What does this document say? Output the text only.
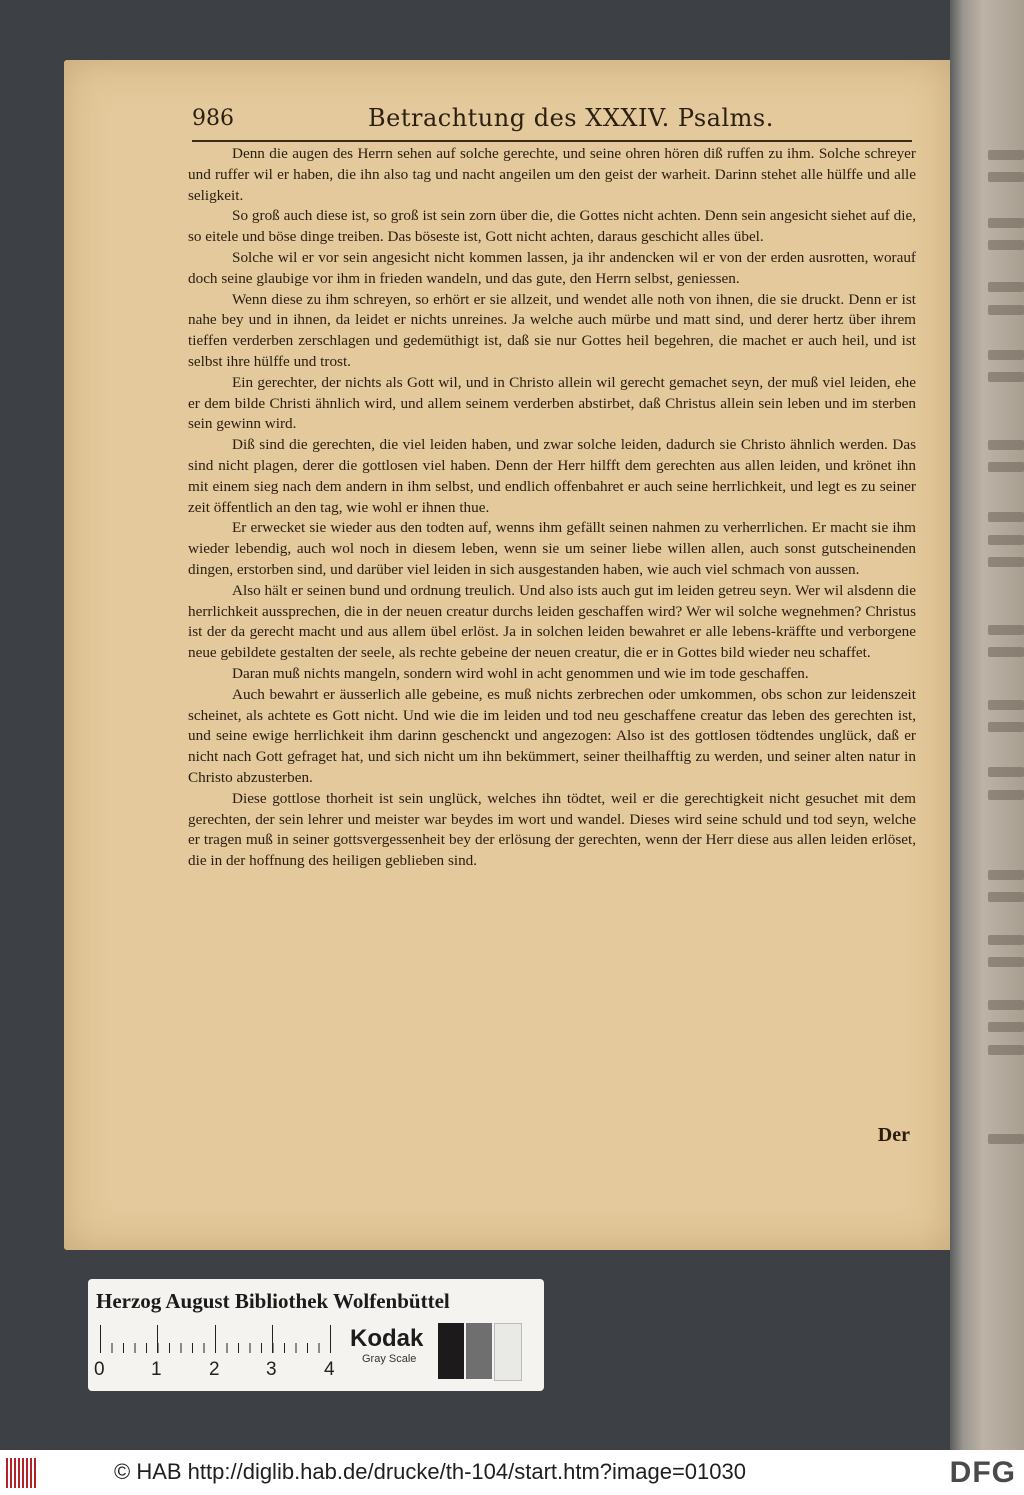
986	Betrachtung des XXXIV. Psalms.

Denn die augen des Herrn sehen auf solche gerechte, und seine ohren hören diß ruffen zu ihm. Solche schreyer und ruffer wil er haben, die ihn also tag und nacht angeilen um den geist der warheit. Darinn stehet alle hülffe und alle seligkeit.

So groß auch diese ist, so groß ist sein zorn über die, die Gottes nicht achten. Denn sein angesicht siehet auf die, so eitele und böse dinge treiben. Das böseste ist, Gott nicht achten, daraus geschicht alles übel.

Solche wil er vor sein angesicht nicht kommen lassen, ja ihr andencken wil er von der erden ausrotten, worauf doch seine glaubige vor ihm in frieden wandeln, und das gute, den Herrn selbst, geniessen.

Wenn diese zu ihm schreyen, so erhört er sie allzeit, und wendet alle noth von ihnen, die sie druckt. Denn er ist nahe bey und in ihnen, da leidet er nichts unreines. Ja welche auch mürbe und matt sind, und derer hertz über ihrem tieffen verderben zerschlagen und gedemüthigt ist, daß sie nur Gottes heil begehren, die machet er auch heil, und ist selbst ihre hülffe und trost.

Ein gerechter, der nichts als Gott wil, und in Christo allein wil gerecht gemachet seyn, der muß viel leiden, ehe er dem bilde Christi ähnlich wird, und allem seinem verderben abstirbet, daß Christus allein sein leben und im sterben sein gewinn wird.

Diß sind die gerechten, die viel leiden haben, und zwar solche leiden, dadurch sie Christo ähnlich werden. Das sind nicht plagen, derer die gottlosen viel haben. Denn der Herr hilfft dem gerechten aus allen leiden, und krönet ihn mit einem sieg nach dem andern in ihm selbst, und endlich offenbahret er auch seine herrlichkeit, und legt es zu seiner zeit öffentlich an den tag, wie wohl er ihnen thue.

Er erwecket sie wieder aus den todten auf, wenns ihm gefällt seinen nahmen zu verherrlichen. Er macht sie ihm wieder lebendig, auch wol noch in diesem leben, wenn sie um seiner liebe willen allen, auch sonst gutscheinenden dingen, erstorben sind, und darüber viel leiden in sich ausgestanden haben, wie auch viel schmach von aussen.

Also hält er seinen bund und ordnung treulich. Und also ists auch gut im leiden getreu seyn. Wer wil alsdenn die herrlichkeit aussprechen, die in der neuen creatur durchs leiden geschaffen wird? Wer wil solche wegnehmen? Christus ist der da gerecht macht und aus allem übel erlöst. Ja in solchen leiden bewahret er alle lebens-kräffte und verborgene neue gebildete gestalten der seele, als rechte gebeine der neuen creatur, die er in Gottes bild wieder neu schaffet.

Daran muß nichts mangeln, sondern wird wohl in acht genommen und wie im tode geschaffen.

Auch bewahrt er äusserlich alle gebeine, es muß nichts zerbrechen oder umkommen, obs schon zur leidenszeit scheinet, als achtete es Gott nicht. Und wie die im leiden und tod neu geschaffene creatur das leben des gerechten ist, und seine ewige herrlichkeit ihm darinn geschenckt und angezogen: Also ist des gottlosen tödtendes unglück, daß er nicht nach Gott gefraget hat, und sich nicht um ihn bekümmert, seiner theilhafftig zu werden, und seiner alten natur in Christo abzusterben.

Diese gottlose thorheit ist sein unglück, welches ihn tödtet, weil er die gerechtigkeit nicht gesuchet mit dem gerechten, der sein lehrer und meister war beydes im wort und wandel. Dieses wird seine schuld und tod seyn, welche er tragen muß in seiner gottsvergessenheit bey der erlösung der gerechten, wenn der Herr diese aus allen leiden erlöset, die in der hoffnung des heiligen geblieben sind.

Der
Herzog August Bibliothek Wolfenbüttel
0 1 2 3 4
Kodak
Gray Scale
© HAB http://diglib.hab.de/drucke/th-104/start.htm?image=01030	DFG
